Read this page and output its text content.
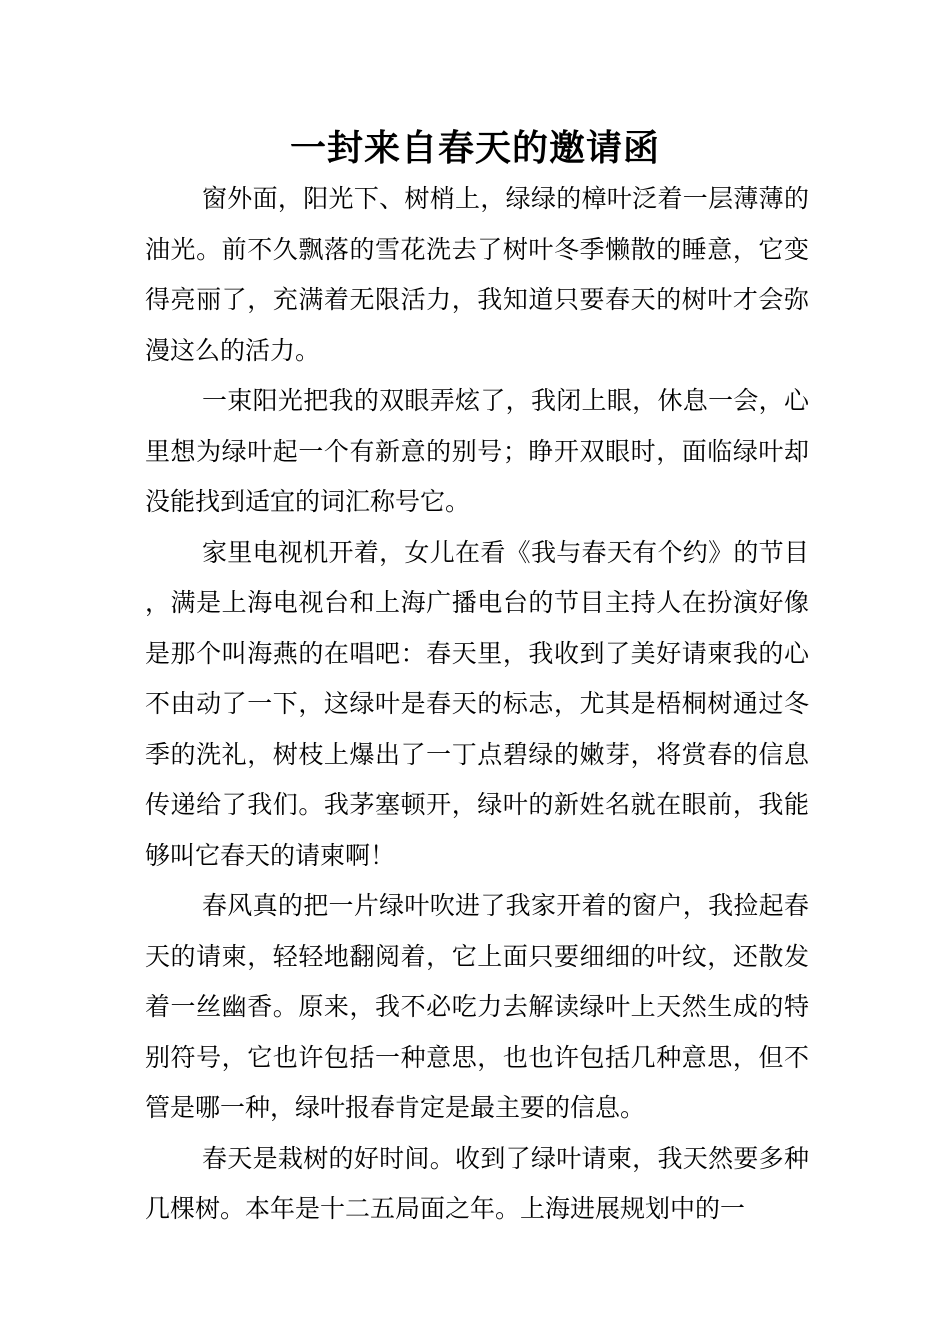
一封来自春天的邀请函

窗外面，阳光下、树梢上，绿绿的樟叶泛着一层薄薄的油光。前不久飘落的雪花洗去了树叶冬季懒散的睡意，它变得亮丽了，充满着无限活力，我知道只要春天的树叶才会弥漫这么的活力。

一束阳光把我的双眼弄炫了，我闭上眼，休息一会，心里想为绿叶起一个有新意的别号；睁开双眼时，面临绿叶却没能找到适宜的词汇称号它。

家里电视机开着，女儿在看《我与春天有个约》的节目，满是上海电视台和上海广播电台的节目主持人在扮演好像是那个叫海燕的在唱吧：春天里，我收到了美好请柬我的心不由动了一下，这绿叶是春天的标志，尤其是梧桐树通过冬季的洗礼，树枝上爆出了一丁点碧绿的嫩芽，将赏春的信息传递给了我们。我茅塞顿开，绿叶的新姓名就在眼前，我能够叫它春天的请柬啊！

春风真的把一片绿叶吹进了我家开着的窗户，我捡起春天的请柬，轻轻地翻阅着，它上面只要细细的叶纹，还散发着一丝幽香。原来，我不必吃力去解读绿叶上天然生成的特别符号，它也许包括一种意思，也也许包括几种意思，但不管是哪一种，绿叶报春肯定是最主要的信息。

春天是栽树的好时间。收到了绿叶请柬，我天然要多种几棵树。本年是十二五局面之年。上海进展规划中的一
